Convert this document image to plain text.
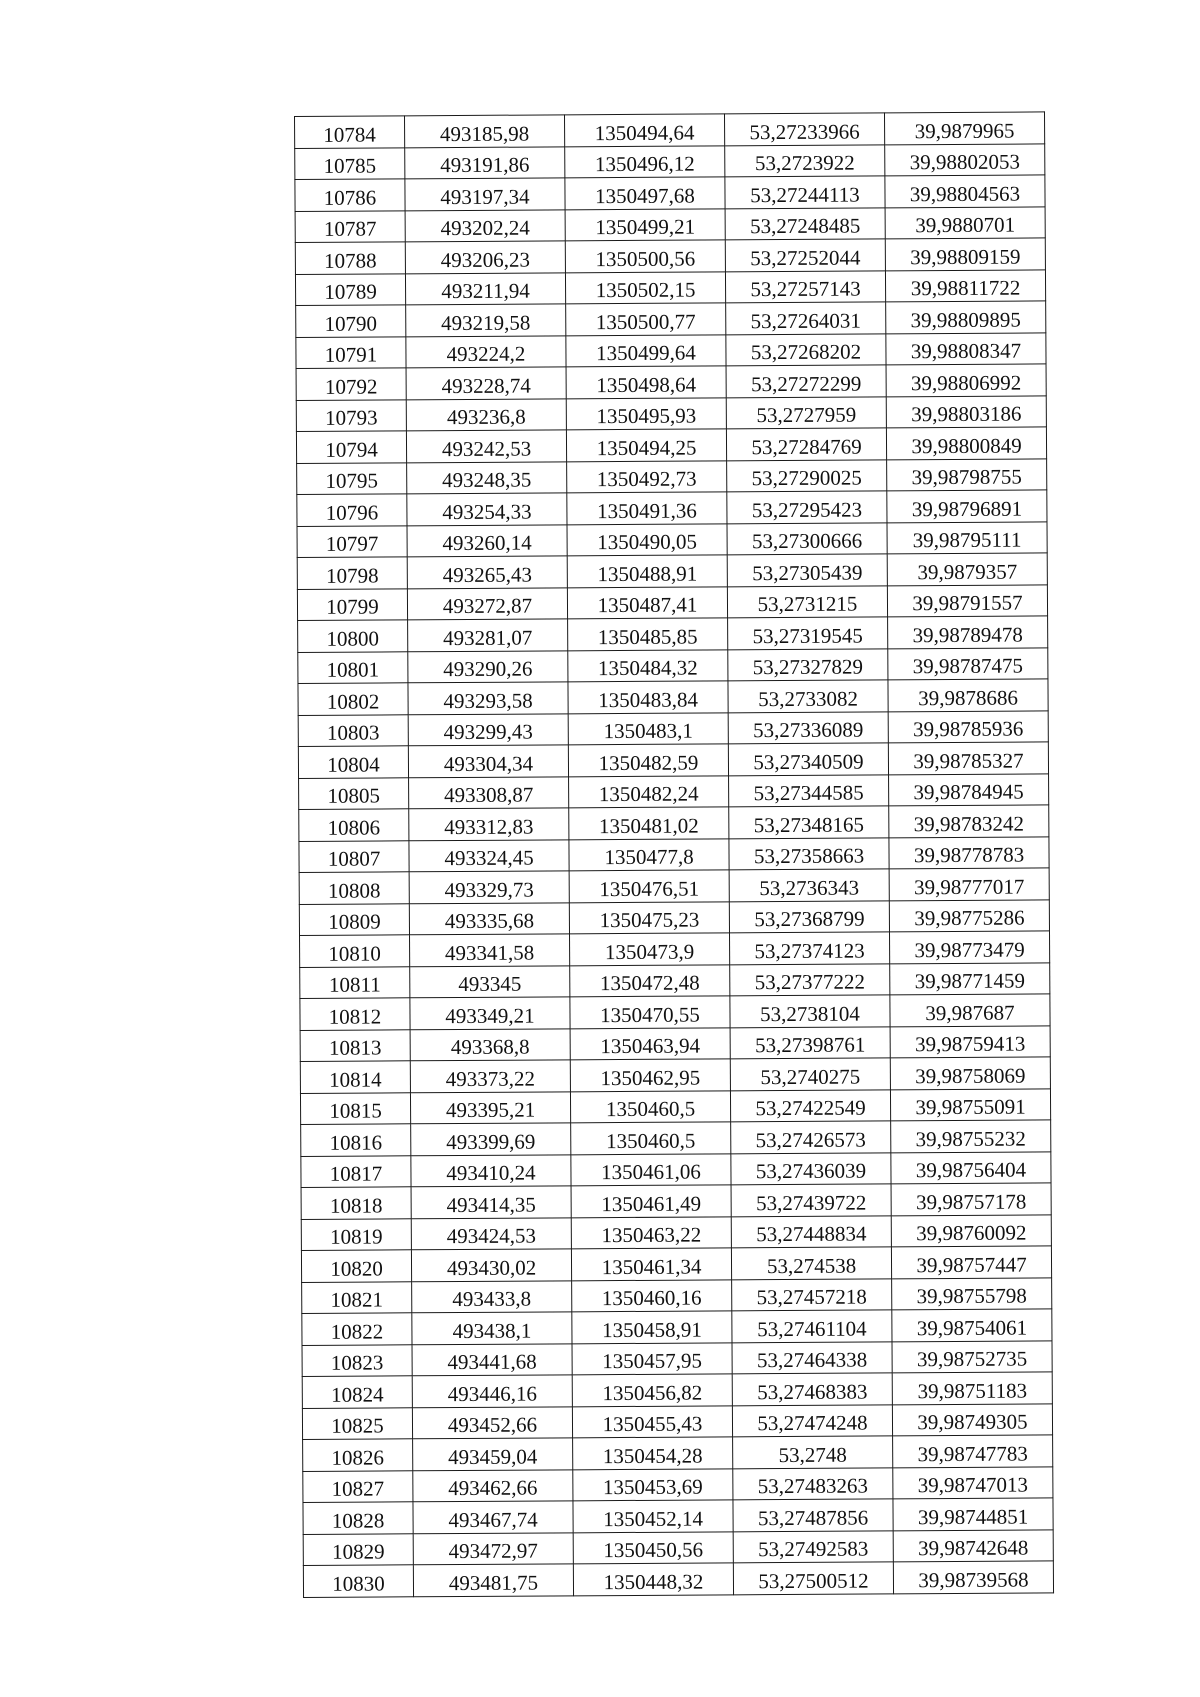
10784	493185,98	1350494,64	53,27233966	39,9879965
10785	493191,86	1350496,12	53,2723922	39,98802053
10786	493197,34	1350497,68	53,27244113	39,98804563
10787	493202,24	1350499,21	53,27248485	39,9880701
10788	493206,23	1350500,56	53,27252044	39,98809159
10789	493211,94	1350502,15	53,27257143	39,98811722
10790	493219,58	1350500,77	53,27264031	39,98809895
10791	493224,2	1350499,64	53,27268202	39,98808347
10792	493228,74	1350498,64	53,27272299	39,98806992
10793	493236,8	1350495,93	53,2727959	39,98803186
10794	493242,53	1350494,25	53,27284769	39,98800849
10795	493248,35	1350492,73	53,27290025	39,98798755
10796	493254,33	1350491,36	53,27295423	39,98796891
10797	493260,14	1350490,05	53,27300666	39,98795111
10798	493265,43	1350488,91	53,27305439	39,9879357
10799	493272,87	1350487,41	53,2731215	39,98791557
10800	493281,07	1350485,85	53,27319545	39,98789478
10801	493290,26	1350484,32	53,27327829	39,98787475
10802	493293,58	1350483,84	53,2733082	39,9878686
10803	493299,43	1350483,1	53,27336089	39,98785936
10804	493304,34	1350482,59	53,27340509	39,98785327
10805	493308,87	1350482,24	53,27344585	39,98784945
10806	493312,83	1350481,02	53,27348165	39,98783242
10807	493324,45	1350477,8	53,27358663	39,98778783
10808	493329,73	1350476,51	53,2736343	39,98777017
10809	493335,68	1350475,23	53,27368799	39,98775286
10810	493341,58	1350473,9	53,27374123	39,98773479
10811	493345	1350472,48	53,27377222	39,98771459
10812	493349,21	1350470,55	53,2738104	39,987687
10813	493368,8	1350463,94	53,27398761	39,98759413
10814	493373,22	1350462,95	53,2740275	39,98758069
10815	493395,21	1350460,5	53,27422549	39,98755091
10816	493399,69	1350460,5	53,27426573	39,98755232
10817	493410,24	1350461,06	53,27436039	39,98756404
10818	493414,35	1350461,49	53,27439722	39,98757178
10819	493424,53	1350463,22	53,27448834	39,98760092
10820	493430,02	1350461,34	53,274538	39,98757447
10821	493433,8	1350460,16	53,27457218	39,98755798
10822	493438,1	1350458,91	53,27461104	39,98754061
10823	493441,68	1350457,95	53,27464338	39,98752735
10824	493446,16	1350456,82	53,27468383	39,98751183
10825	493452,66	1350455,43	53,27474248	39,98749305
10826	493459,04	1350454,28	53,2748	39,98747783
10827	493462,66	1350453,69	53,27483263	39,98747013
10828	493467,74	1350452,14	53,27487856	39,98744851
10829	493472,97	1350450,56	53,27492583	39,98742648
10830	493481,75	1350448,32	53,27500512	39,98739568
